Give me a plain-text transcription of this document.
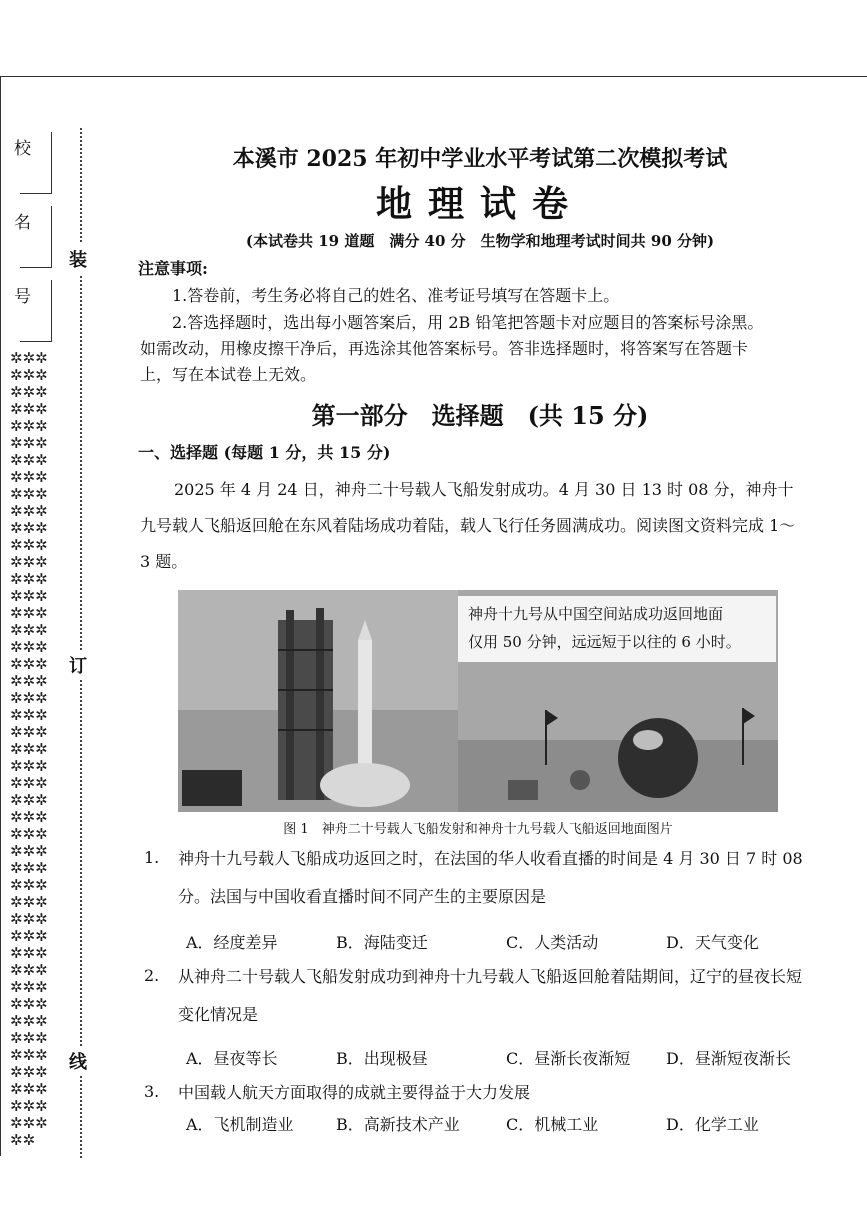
校
名
号
装
订
线
✲✲✲✲✲✲✲✲✲✲✲✲✲✲✲✲✲✲✲✲✲✲✲✲✲✲✲✲✲✲✲✲✲✲✲✲✲✲✲✲✲✲✲✲✲✲✲✲✲✲✲✲✲✲✲✲✲✲✲✲✲✲✲✲✲✲✲✲✲✲✲✲✲✲✲✲✲✲✲✲✲✲✲✲✲✲✲✲✲✲✲✲✲✲✲✲✲✲✲✲✲✲✲✲✲✲✲✲✲✲✲✲✲✲✲✲✲✲✲✲✲✲✲✲✲✲✲✲✲✲✲✲✲✲✲✲✲✲✲✲
本溪市 2025 年初中学业水平考试第二次模拟考试
地理试卷
(本试卷共 19 道题　满分 40 分　生物学和地理考试时间共 90 分钟)
注意事项:
1.答卷前，考生务必将自己的姓名、准考证号填写在答题卡上。
2.答选择题时，选出每小题答案后，用 2B 铅笔把答题卡对应题目的答案标号涂黑。
如需改动，用橡皮擦干净后，再选涂其他答案标号。答非选择题时，将答案写在答题卡
上，写在本试卷上无效。
第一部分　选择题　(共 15 分)
一、选择题 (每题 1 分，共 15 分)
2025 年 4 月 24 日，神舟二十号载人飞船发射成功。4 月 30 日 13 时 08 分，神舟十九号载人飞船返回舱在东风着陆场成功着陆，载人飞行任务圆满成功。阅读图文资料完成 1～3 题。
神舟十九号从中国空间站成功返回地面
仅用 50 分钟，远远短于以往的 6 小时。
图 1　神舟二十号载人飞船发射和神舟十九号载人飞船返回地面图片
1. 神舟十九号载人飞船成功返回之时，在法国的华人收看直播的时间是 4 月 30 日 7 时 08 分。法国与中国收看直播时间不同产生的主要原因是
A．经度差异	B．海陆变迁	C．人类活动	D．天气变化
2. 从神舟二十号载人飞船发射成功到神舟十九号载人飞船返回舱着陆期间，辽宁的昼夜长短变化情况是
A．昼夜等长	B．出现极昼	C．昼渐长夜渐短 D．昼渐短夜渐长
3. 中国载人航天方面取得的成就主要得益于大力发展
A．飞机制造业	B．高新技术产业	C．机械工业	D．化学工业
